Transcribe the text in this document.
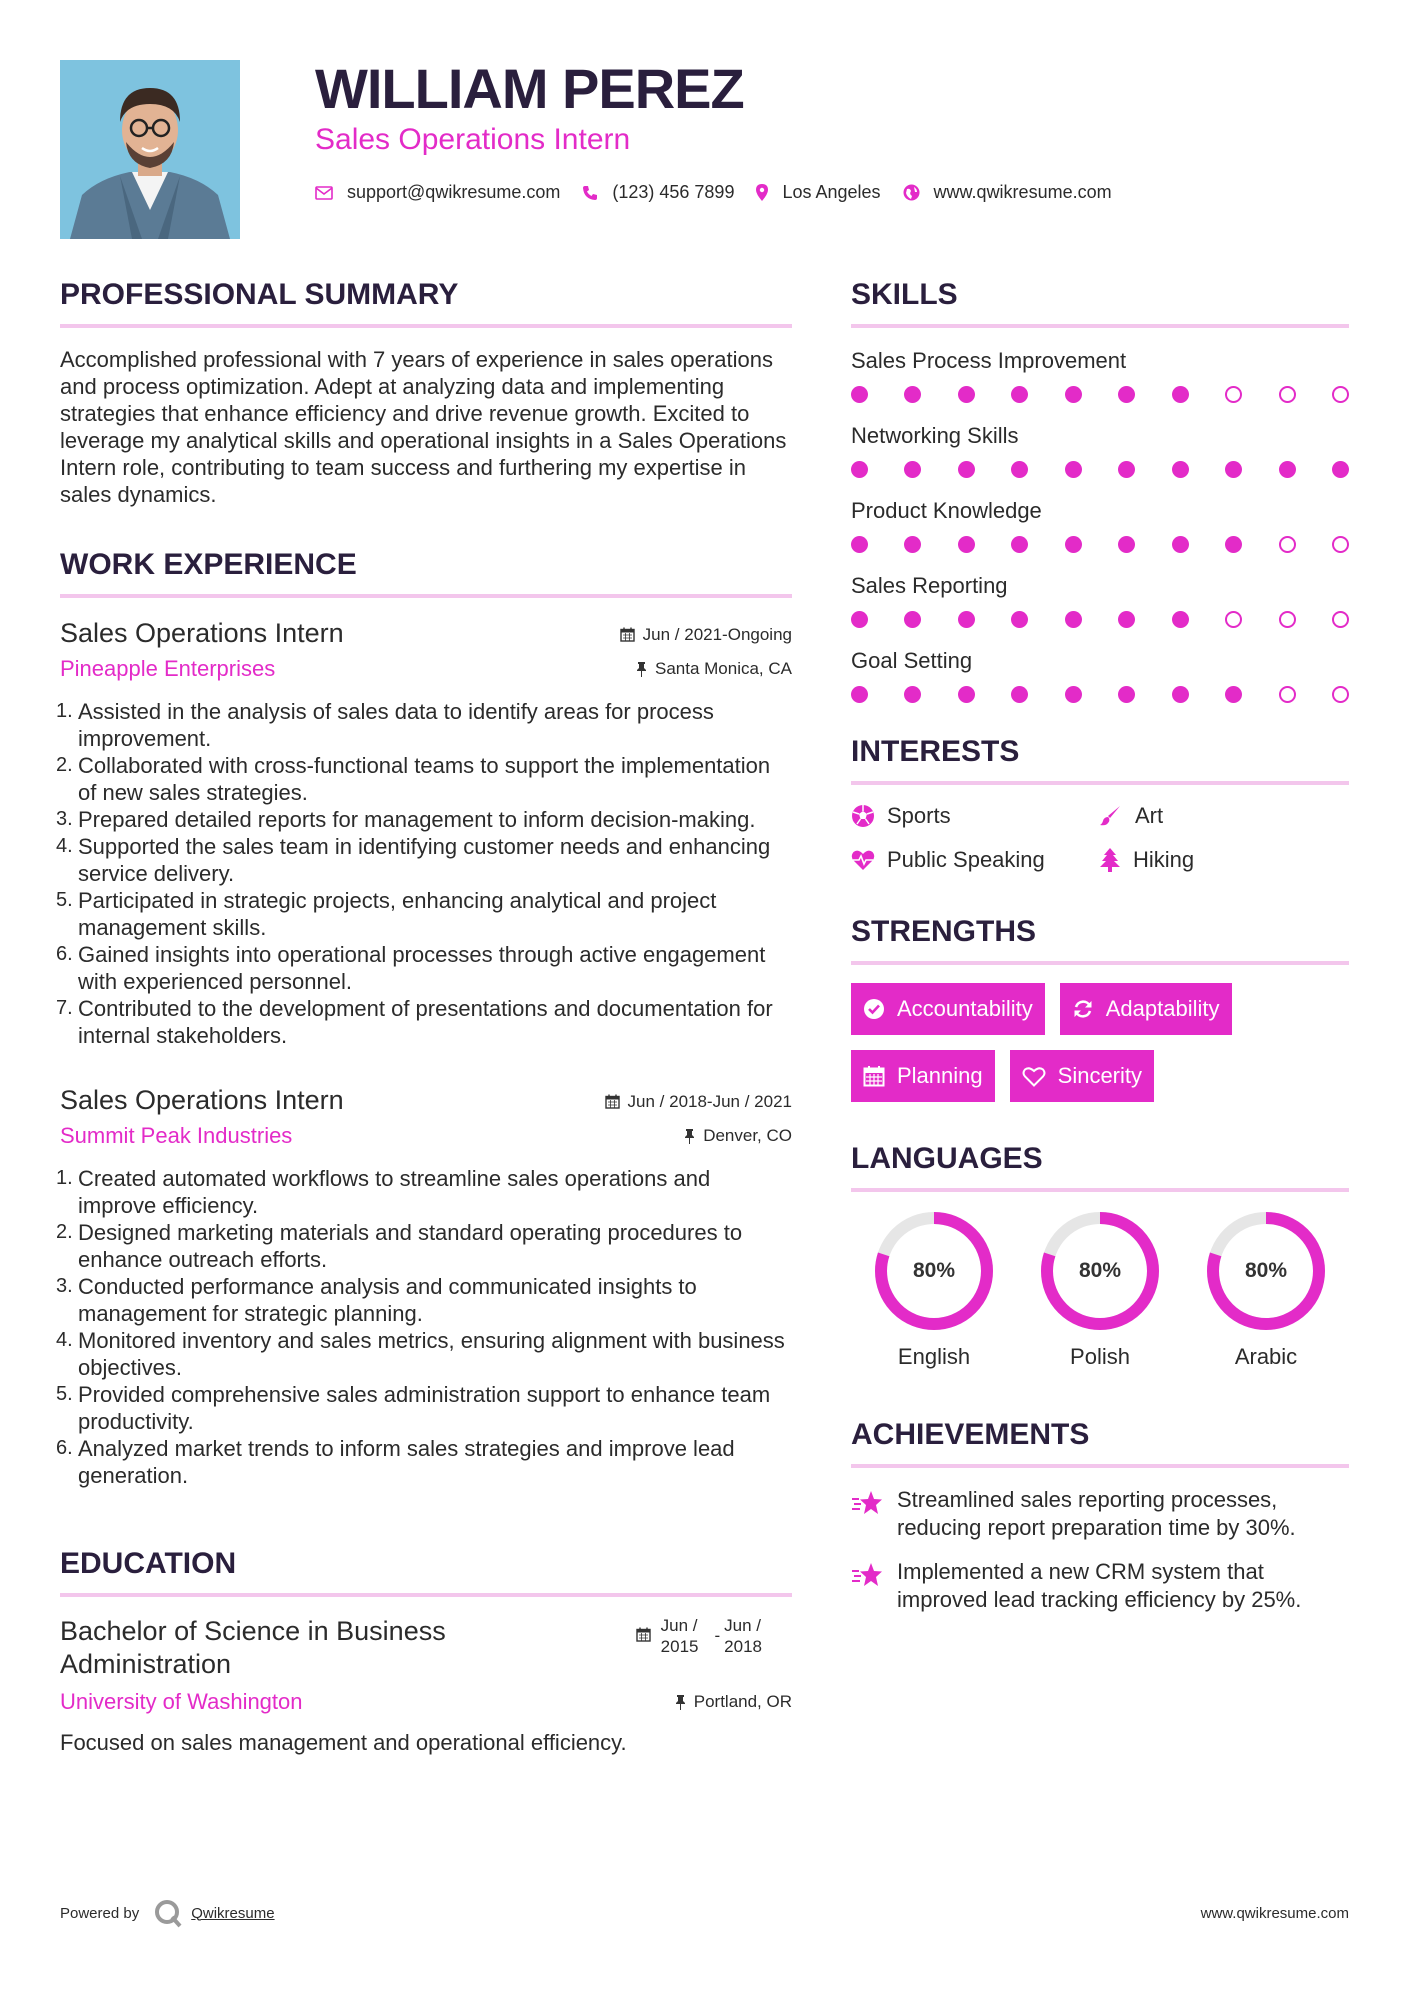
WILLIAM PEREZ
Sales Operations Intern
support@qwikresume.com	(123) 456 7899	Los Angeles	www.qwikresume.com
PROFESSIONAL SUMMARY
Accomplished professional with 7 years of experience in sales operations and process optimization. Adept at analyzing data and implementing strategies that enhance efficiency and drive revenue growth. Excited to leverage my analytical skills and operational insights in a Sales Operations Intern role, contributing to team success and furthering my expertise in sales dynamics.
WORK EXPERIENCE
Sales Operations Intern	Jun / 2021-Ongoing
Pineapple Enterprises	Santa Monica, CA
1. Assisted in the analysis of sales data to identify areas for process improvement.
2. Collaborated with cross-functional teams to support the implementation of new sales strategies.
3. Prepared detailed reports for management to inform decision-making.
4. Supported the sales team in identifying customer needs and enhancing service delivery.
5. Participated in strategic projects, enhancing analytical and project management skills.
6. Gained insights into operational processes through active engagement with experienced personnel.
7. Contributed to the development of presentations and documentation for internal stakeholders.
Sales Operations Intern	Jun / 2018-Jun / 2021
Summit Peak Industries	Denver, CO
1. Created automated workflows to streamline sales operations and improve efficiency.
2. Designed marketing materials and standard operating procedures to enhance outreach efforts.
3. Conducted performance analysis and communicated insights to management for strategic planning.
4. Monitored inventory and sales metrics, ensuring alignment with business objectives.
5. Provided comprehensive sales administration support to enhance team productivity.
6. Analyzed market trends to inform sales strategies and improve lead generation.
EDUCATION
Bachelor of Science in Business Administration
Jun /
2015
-
Jun /
2018
University of Washington	Portland, OR
Focused on sales management and operational efficiency.
SKILLS
Sales Process Improvement
Networking Skills
Product Knowledge
Sales Reporting
Goal Setting
INTERESTS
Sports	Art
Public Speaking	Hiking
STRENGTHS
Accountability	Adaptability
Planning	Sincerity
LANGUAGES
80%
English
80%
Polish
80%
Arabic
ACHIEVEMENTS
Streamlined sales reporting processes, reducing report preparation time by 30%.
Implemented a new CRM system that improved lead tracking efficiency by 25%.
Powered by	Qwikresume	www.qwikresume.com
